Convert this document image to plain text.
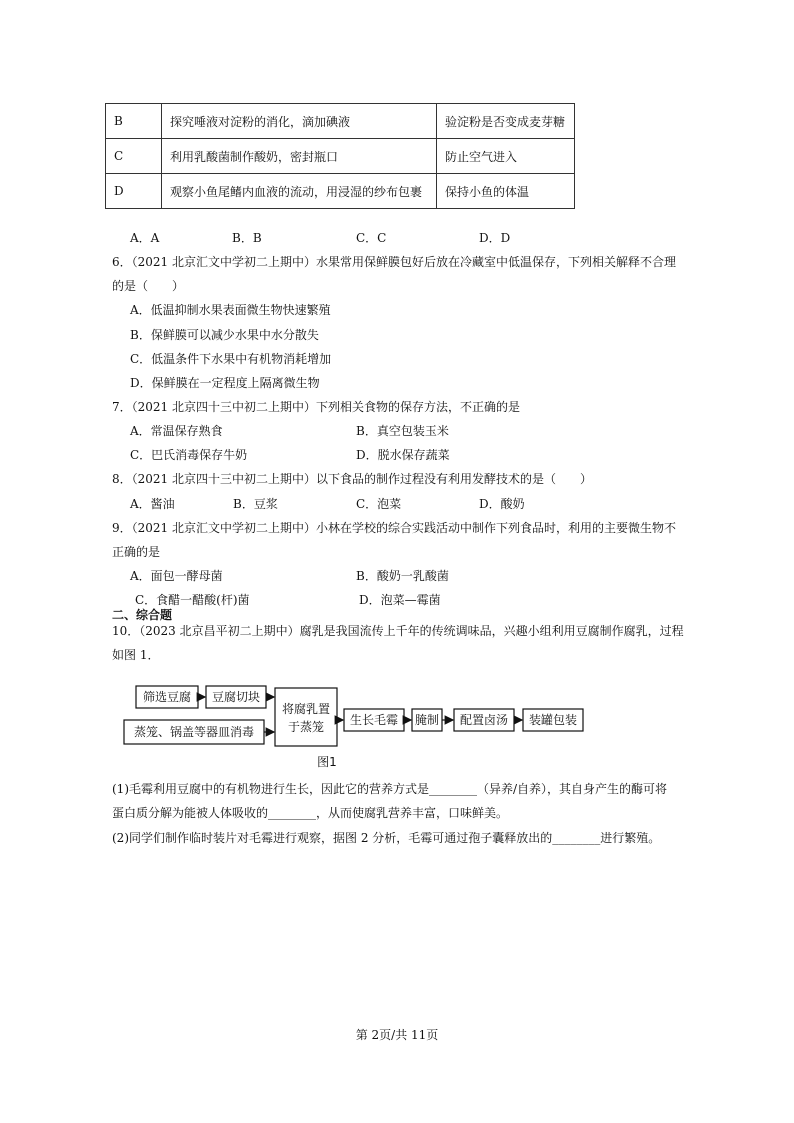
B	探究唾液对淀粉的消化，滴加碘液	验淀粉是否变成麦芽糖
C	利用乳酸菌制作酸奶，密封瓶口	防止空气进入
D	观察小鱼尾鳍内血液的流动，用浸湿的纱布包裹	保持小鱼的体温
A．A	B．B	C．C	D．D
6．（2021 北京汇文中学初二上期中）水果常用保鲜膜包好后放在冷藏室中低温保存，下列相关解释不合理
的是（　　）
A．低温抑制水果表面微生物快速繁殖
B．保鲜膜可以减少水果中水分散失
C．低温条件下水果中有机物消耗增加
D．保鲜膜在一定程度上隔离微生物
7．（2021 北京四十三中初二上期中）下列相关食物的保存方法，不正确的是
A．常温保存熟食	B．真空包装玉米
C．巴氏消毒保存牛奶	D．脱水保存蔬菜
8．（2021 北京四十三中初二上期中）以下食品的制作过程没有利用发酵技术的是（　　）
A．酱油	B．豆浆	C．泡菜	D．酸奶
9．（2021 北京汇文中学初二上期中）小林在学校的综合实践活动中制作下列食品时，利用的主要微生物不
正确的是
A．面包一酵母菌	B．酸奶一乳酸菌
C．食醋一醋酸(杆)菌	D．泡菜—霉菌
二、综合题
10．（2023 北京昌平初二上期中）腐乳是我国流传上千年的传统调味品，兴趣小组利用豆腐制作腐乳，过程
如图 1．
筛选豆腐 豆腐切块
蒸笼、锅盖等器皿消毒
将腐乳置
于蒸笼 生长毛霉 腌制 配置卤汤 装罐包装
图1
(1)毛霉利用豆腐中的有机物进行生长，因此它的营养方式是________（异养/自养），其自身产生的酶可将
蛋白质分解为能被人体吸收的________，从而使腐乳营养丰富，口味鲜美。
(2)同学们制作临时装片对毛霉进行观察，据图 2 分析，毛霉可通过孢子囊释放出的________进行繁殖。
第 2页/共 11页
